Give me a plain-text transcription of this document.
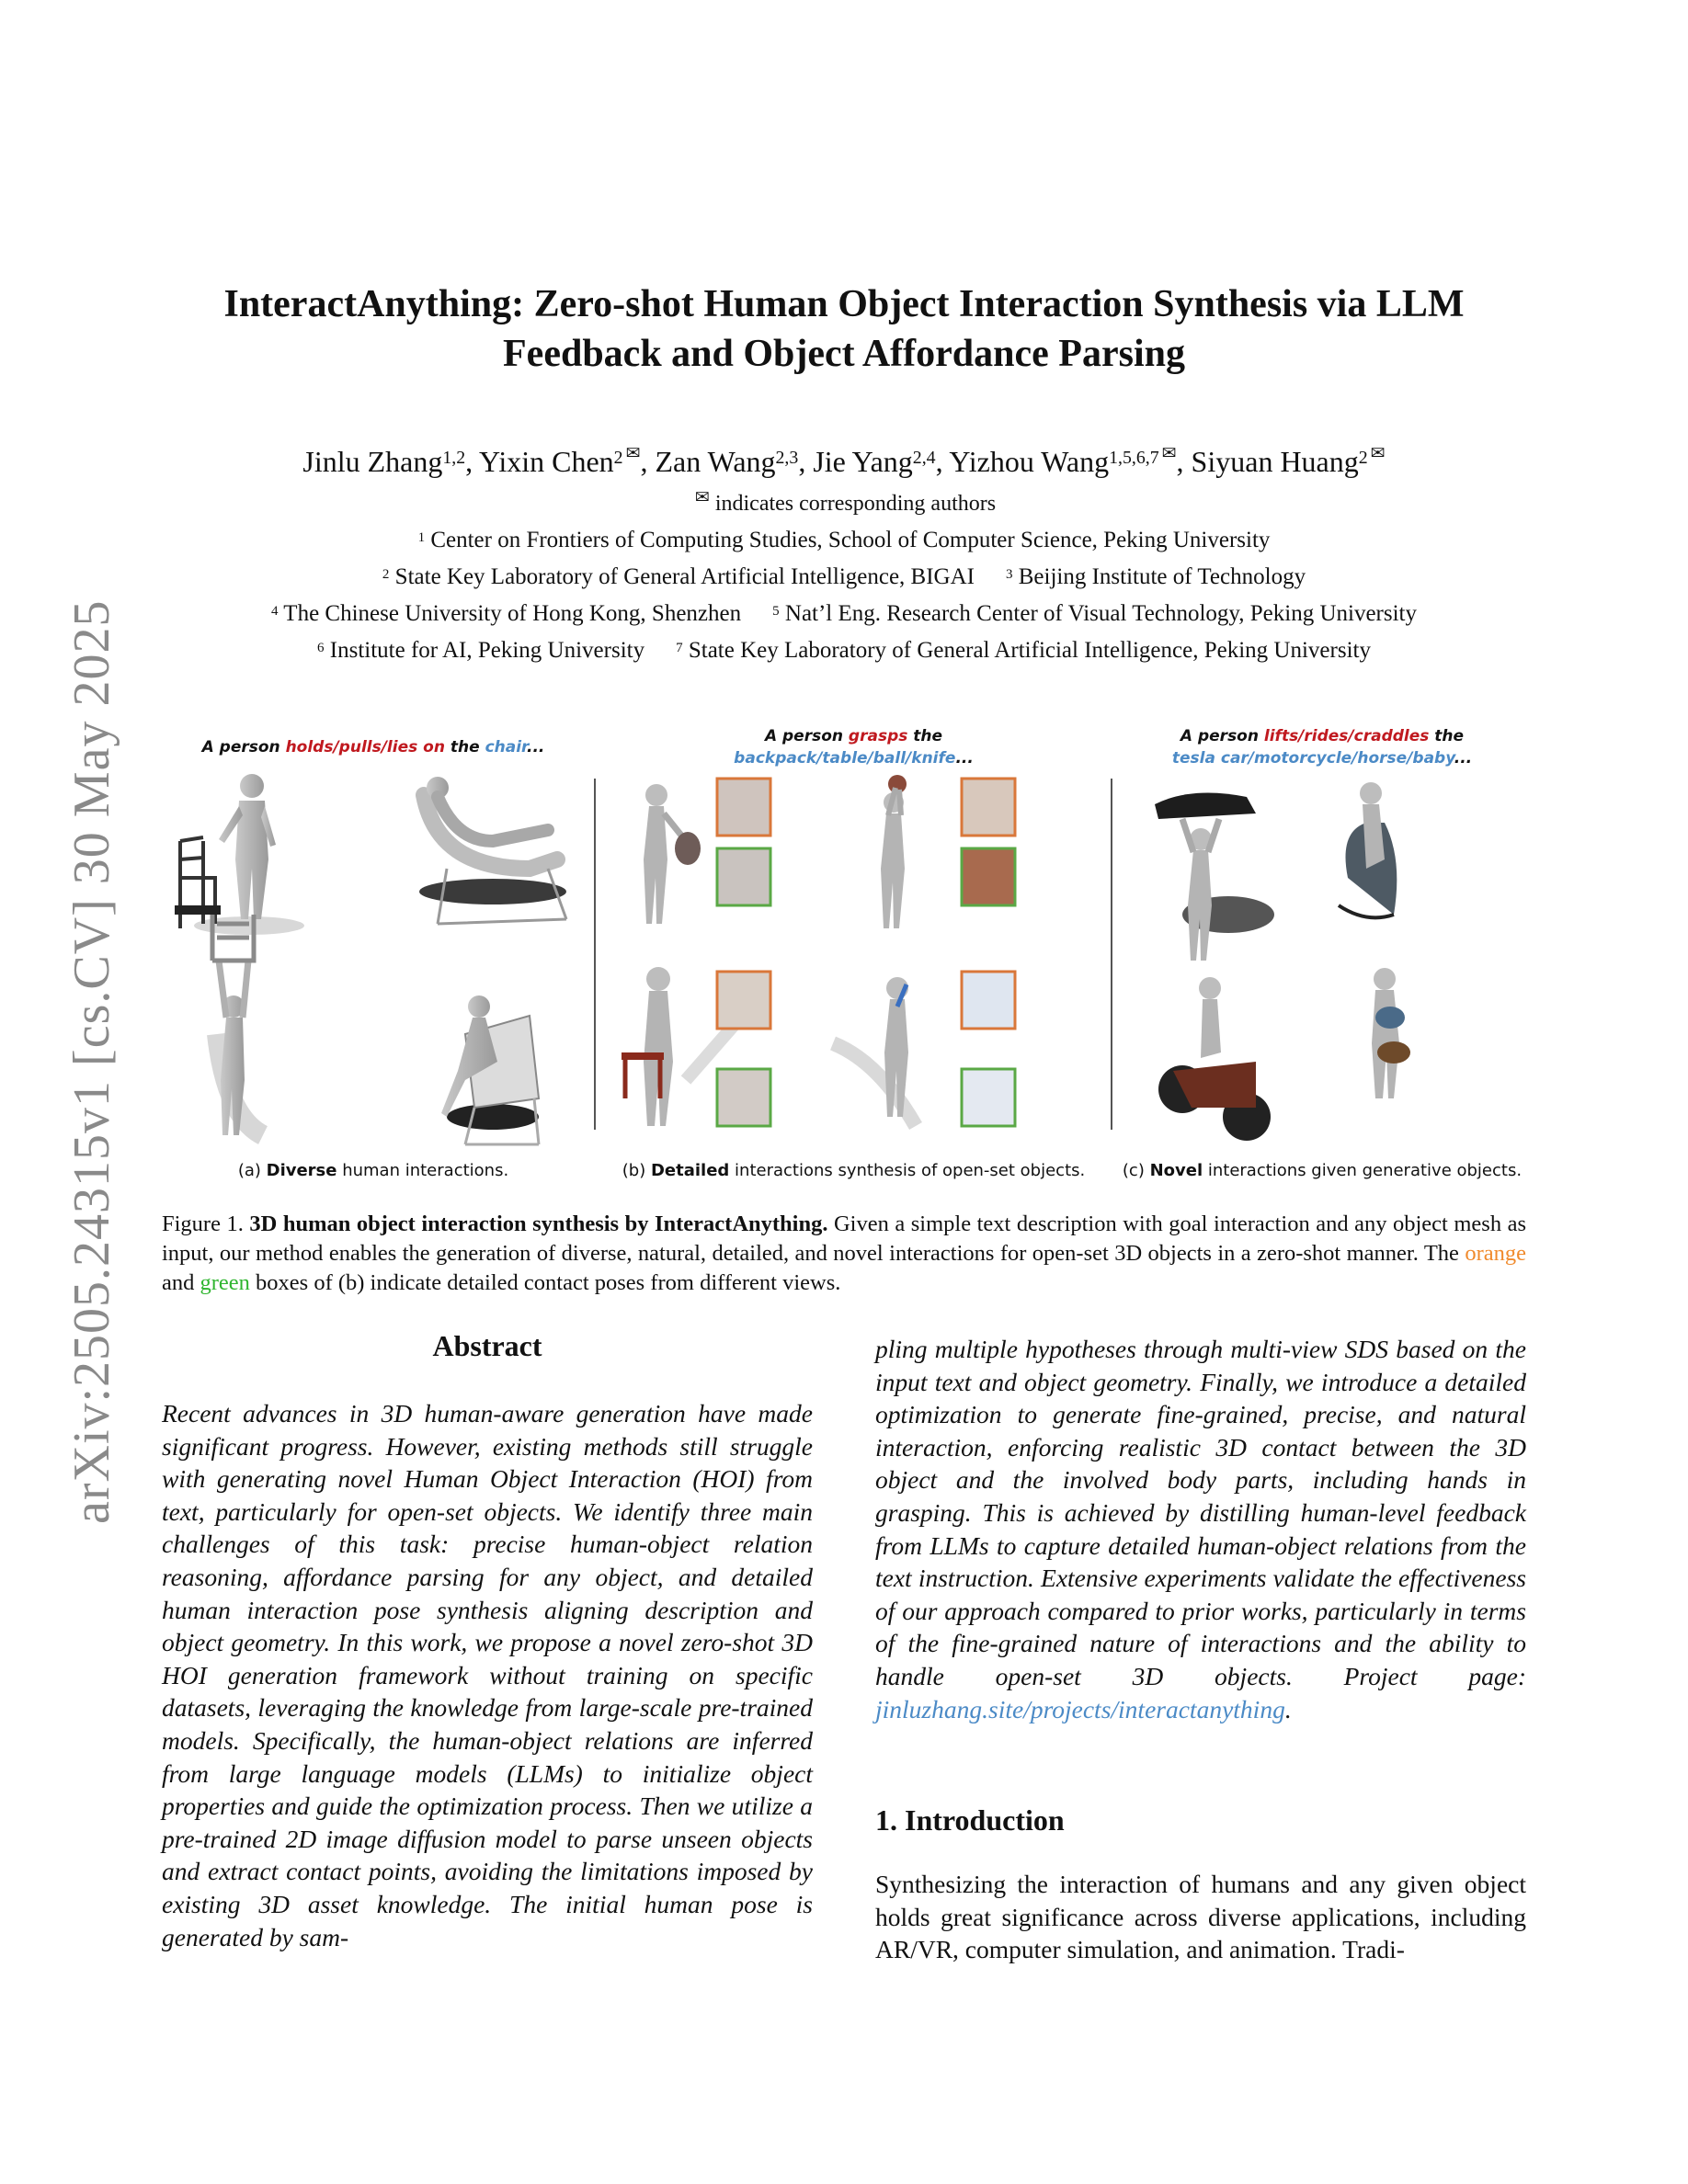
arXiv:2505.24315v1 [cs.CV] 30 May 2025
InteractAnything: Zero-shot Human Object Interaction Synthesis via LLM Feedback and Object Affordance Parsing
Jinlu Zhang$^{1,2}$, Yixin Chen$^2$ ✉, Zan Wang$^{2,3}$, Jie Yang$^{2,4}$, Yizhou Wang$^{1,5,6,7}$ ✉, Siyuan Huang$^2$ ✉
✉ indicates corresponding authors
$^1$ Center on Frontiers of Computing Studies, School of Computer Science, Peking University
$^2$ State Key Laboratory of General Artificial Intelligence, BIGAI $^3$ Beijing Institute of Technology
$^4$ The Chinese University of Hong Kong, Shenzhen $^5$ Nat’l Eng. Research Center of Visual Technology, Peking University
$^6$ Institute for AI, Peking University $^7$ State Key Laboratory of General Artificial Intelligence, Peking University
A person holds/pulls/lies on the chair...
(a) Diverse human interactions.
A person grasps the
backpack/table/ball/knife...
(b) Detailed interactions synthesis of open-set objects.
A person lifts/rides/craddles the
tesla car/motorcycle/horse/baby...
(c) Novel interactions given generative objects.
Figure 1. 3D human object interaction synthesis by InteractAnything. Given a simple text description with goal interaction and any object mesh as input, our method enables the generation of diverse, natural, detailed, and novel interactions for open-set 3D objects in a zero-shot manner. The orange and green boxes of (b) indicate detailed contact poses from different views.
Abstract
Recent advances in 3D human-aware generation have made significant progress. However, existing methods still struggle with generating novel Human Object Interaction (HOI) from text, particularly for open-set objects. We identify three main challenges of this task: precise human-object relation reasoning, affordance parsing for any object, and detailed human interaction pose synthesis aligning description and object geometry. In this work, we propose a novel zero-shot 3D HOI generation framework without training on specific datasets, leveraging the knowledge from large-scale pre-trained models. Specifically, the human-object relations are inferred from large language models (LLMs) to initialize object properties and guide the optimization process. Then we utilize a pre-trained 2D image diffusion model to parse unseen objects and extract contact points, avoiding the limitations imposed by existing 3D asset knowledge. The initial human pose is generated by sam-
pling multiple hypotheses through multi-view SDS based on the input text and object geometry. Finally, we introduce a detailed optimization to generate fine-grained, precise, and natural interaction, enforcing realistic 3D contact between the 3D object and the involved body parts, including hands in grasping. This is achieved by distilling human-level feedback from LLMs to capture detailed human-object relations from the text instruction. Extensive experiments validate the effectiveness of our approach compared to prior works, particularly in terms of the fine-grained nature of interactions and the ability to handle open-set 3D objects. Project page: jinluzhang.site/projects/interactanything.
1. Introduction
Synthesizing the interaction of humans and any given object holds great significance across diverse applications, including AR/VR, computer simulation, and animation. Tradi-
